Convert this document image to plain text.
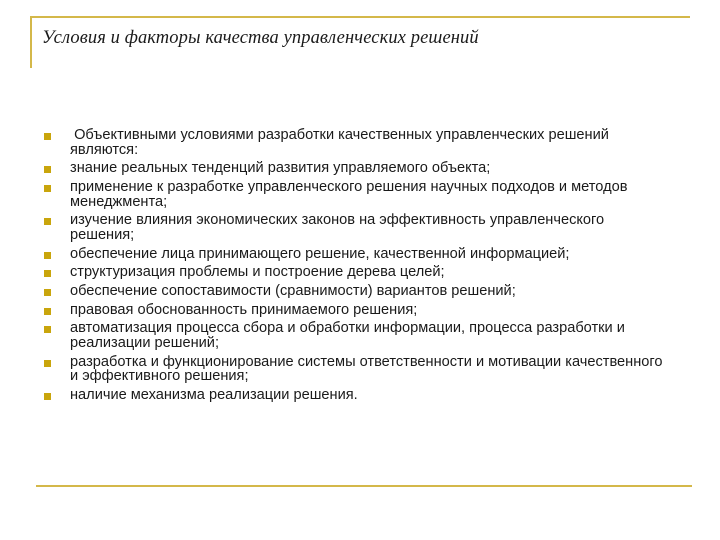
Условия и факторы качества управленческих решений
Объективными условиями разработки качественных управленческих решений являются:
знание реальных тенденций развития управляемого объекта;
применение к разработке управленческого решения научных подходов и методов менеджмента;
изучение влияния экономических законов на эффективность управленческого решения;
обеспечение лица принимающего решение, качественной информацией;
структуризация проблемы и построение дерева целей;
обеспечение сопоставимости (сравнимости) вариантов решений;
правовая обоснованность принимаемого решения;
автоматизация процесса сбора и обработки информации, процесса разработки и реализации решений;
разработка и функционирование системы ответственности и мотивации качественного и эффективного решения;
наличие механизма реализации решения.
